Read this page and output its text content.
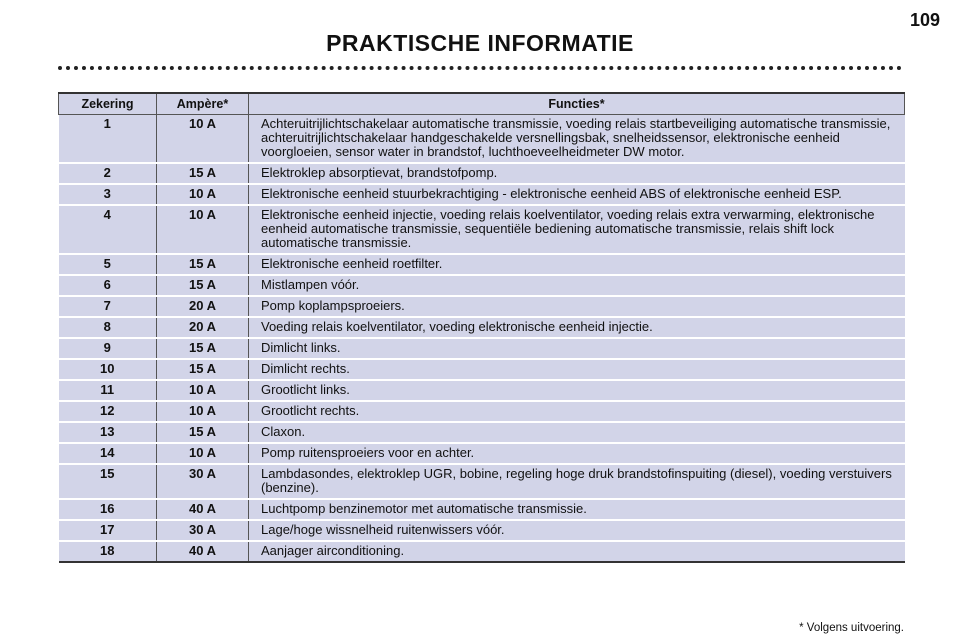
109
PRAKTISCHE INFORMATIE
Zekering	Ampère*	Functies*
1	10 A	Achteruitrijlichtschakelaar automatische transmissie, voeding relais startbeveiliging automatische transmissie, achteruitrijlichtschakelaar handgeschakelde versnellingsbak, snelheidssensor, elektronische eenheid voorgloeien, sensor water in brandstof, luchthoeveelheidmeter DW motor.
2	15 A	Elektroklep absorptievat, brandstofpomp.
3	10 A	Elektronische eenheid stuurbekrachtiging - elektronische eenheid ABS of elektronische eenheid ESP.
4	10 A	Elektronische eenheid injectie, voeding relais koelventilator, voeding relais extra verwarming, elektronische eenheid automatische transmissie, sequentiële bediening automatische transmissie, relais shift lock automatische transmissie.
5	15 A	Elektronische eenheid roetfilter.
6	15 A	Mistlampen vóór.
7	20 A	Pomp koplampsproeiers.
8	20 A	Voeding relais koelventilator, voeding elektronische eenheid injectie.
9	15 A	Dimlicht links.
10	15 A	Dimlicht rechts.
11	10 A	Grootlicht links.
12	10 A	Grootlicht rechts.
13	15 A	Claxon.
14	10 A	Pomp ruitensproeiers voor en achter.
15	30 A	Lambdasondes, elektroklep UGR, bobine, regeling hoge druk brandstofinspuiting (diesel), voeding verstuivers (benzine).
16	40 A	Luchtpomp benzinemotor met automatische transmissie.
17	30 A	Lage/hoge wissnelheid ruitenwissers vóór.
18	40 A	Aanjager airconditioning.
* Volgens uitvoering.
